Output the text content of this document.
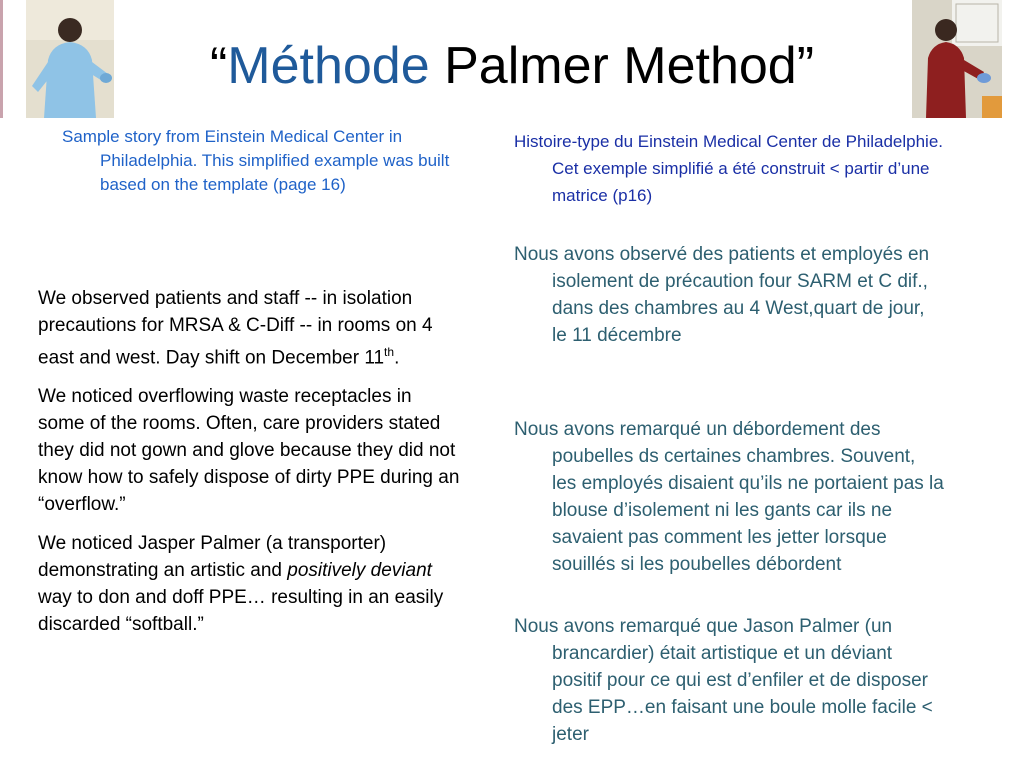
“Méthode Palmer Method”

Sample story from Einstein Medical Center in Philadelphia. This simplified example was built based on the template (page 16)

Histoire-type du Einstein Medical Center de Philadelphie. Cet exemple simplifié a été construit < partir d’une matrice (p16)

We observed patients and staff -- in isolation precautions for MRSA & C-Diff -- in rooms on 4 east and west. Day shift on December 11th.

We noticed overflowing waste receptacles in some of the rooms. Often, care providers stated they did not gown and glove because they did not know how to safely dispose of dirty PPE during an “overflow.”

We noticed Jasper Palmer (a transporter) demonstrating an artistic and positively deviant way to don and doff PPE… resulting in an easily discarded “softball.”

Nous avons observé des patients et employés en isolement de précaution four SARM et C dif., dans des chambres au 4 West,quart de jour, le 11 décembre

Nous avons remarqué un débordement des poubelles ds certaines chambres. Souvent, les employés disaient qu’ils ne portaient pas la blouse d’isolement ni les gants car ils ne savaient pas comment les jetter lorsque souillés si les poubelles débordent

Nous avons remarqué que Jason Palmer (un brancardier) était artistique et un déviant positif pour ce qui est d’enfiler et de disposer des EPP…en faisant une boule molle facile < jeter
